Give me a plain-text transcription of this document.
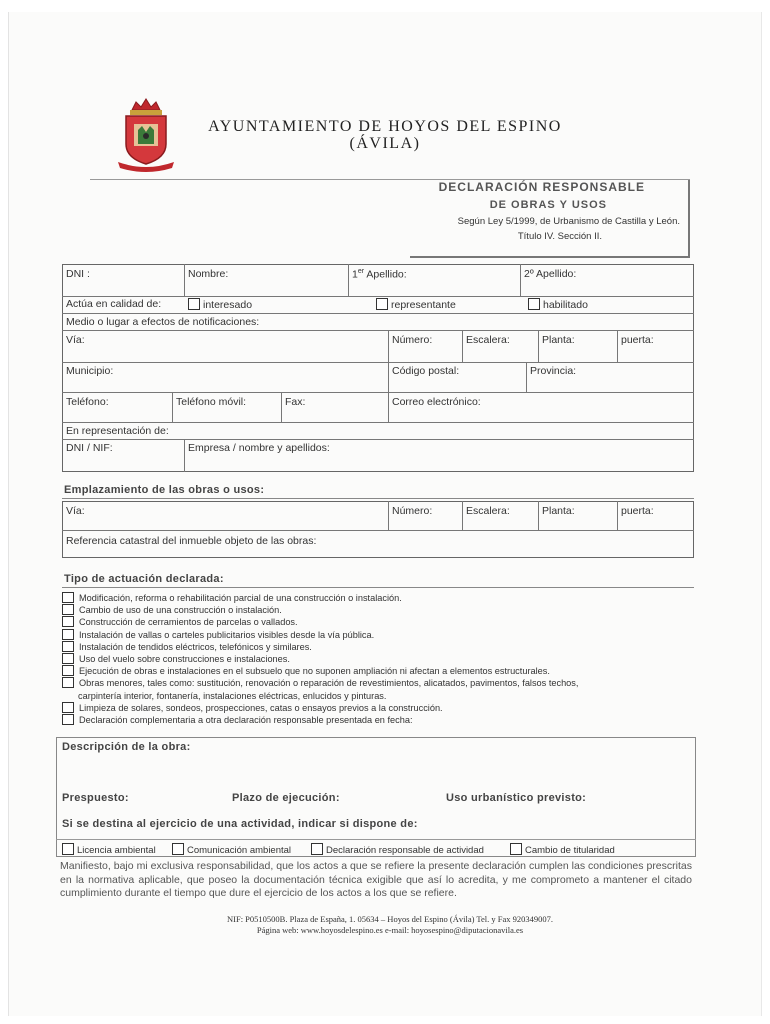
AYUNTAMIENTO DE HOYOS DEL ESPINO
(ÁVILA)
DECLARACIÓN RESPONSABLE
DE OBRAS Y USOS
Según Ley 5/1999, de Urbanismo de Castilla y León.
Título IV. Sección II.
DNI :	Nombre:	1er Apellido:	2º Apellido:
Actúa en calidad de:	interesado	representante	habilitado
Medio o lugar a efectos de notificaciones:
Vía:	Número:	Escalera:	Planta:	puerta:
Municipio:	Código postal:	Provincia:
Teléfono:	Teléfono móvil:	Fax:	Correo electrónico:
En representación de:
DNI / NIF:	Empresa / nombre y apellidos:
Emplazamiento de las obras o usos:
Vía:	Número:	Escalera:	Planta:	puerta:
Referencia catastral del inmueble objeto de las obras:
Tipo de actuación declarada:
Modificación, reforma o rehabilitación parcial de una construcción o instalación.
Cambio de uso de una construcción o instalación.
Construcción de cerramientos de parcelas o vallados.
Instalación de vallas o carteles publicitarios visibles desde la vía pública.
Instalación de tendidos eléctricos, telefónicos y similares.
Uso del vuelo sobre construcciones e instalaciones.
Ejecución de obras e instalaciones en el subsuelo que no suponen ampliación ni afectan a elementos estructurales.
Obras menores, tales como: sustitución, renovación o reparación de revestimientos, alicatados, pavimentos, falsos techos,
carpintería interior, fontanería, instalaciones eléctricas, enlucidos y pinturas.
Limpieza de solares, sondeos, prospecciones, catas o ensayos previos a la construcción.
Declaración complementaria a otra declaración responsable presentada en fecha:
Descripción de la obra:
Prespuesto:	Plazo de ejecución:	Uso urbanístico previsto:
Si se destina al ejercicio de una actividad, indicar si dispone de:
Licencia ambiental	Comunicación ambiental	Declaración responsable de actividad	Cambio de titularidad
Manifiesto, bajo mi exclusiva responsabilidad, que los actos a que se refiere la presente declaración cumplen las condiciones prescritas en la normativa aplicable, que poseo la documentación técnica exigible que así lo acredita, y me comprometo a mantener el citado cumplimiento durante el tiempo que dure el ejercicio de los actos a los que se refiere.
NIF: P0510500B. Plaza de España, 1. 05634 – Hoyos del Espino (Ávila) Tel. y Fax 920349007.
Página web: www.hoyosdelespino.es e-mail: hoyosespino@diputacionavila.es
